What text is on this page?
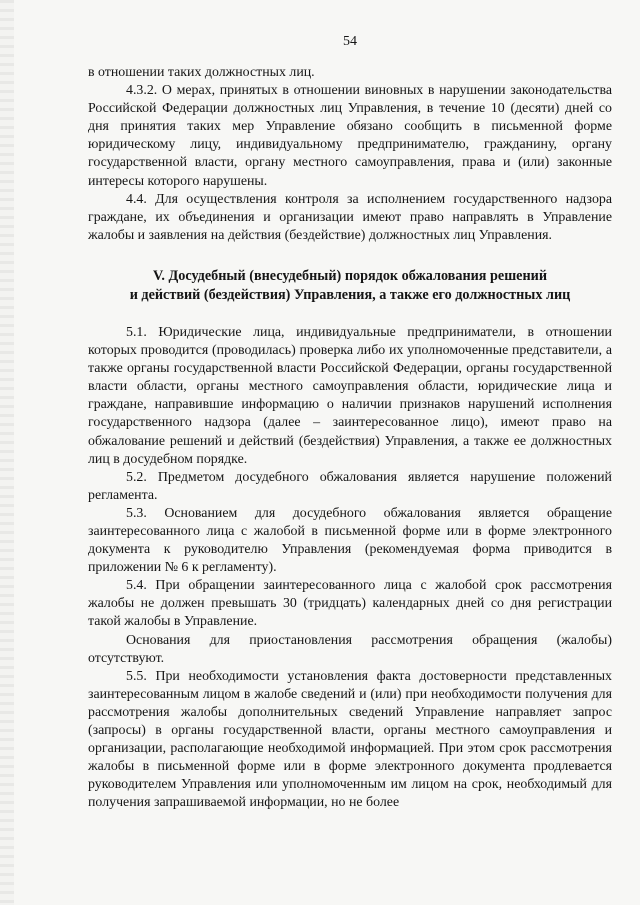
54

в отношении таких должностных лиц.

4.3.2. О мерах, принятых в отношении виновных в нарушении законодательства Российской Федерации должностных лиц Управления, в течение 10 (десяти) дней со дня принятия таких мер Управление обязано сообщить в письменной форме юридическому лицу, индивидуальному предпринимателю, гражданину, органу государственной власти, органу местного самоуправления, права и (или) законные интересы которого нарушены.

4.4. Для осуществления контроля за исполнением государственного надзора граждане, их объединения и организации имеют право направлять в Управление жалобы и заявления на действия (бездействие) должностных лиц Управления.

V. Досудебный (внесудебный) порядок обжалования решений
и действий (бездействия) Управления, а также его должностных лиц

5.1. Юридические лица, индивидуальные предприниматели, в отношении которых проводится (проводилась) проверка либо их уполномоченные представители, а также органы государственной власти Российской Федерации, органы государственной власти области, органы местного самоуправления области, юридические лица и граждане, направившие информацию о наличии признаков нарушений исполнения государственного надзора (далее – заинтересованное лицо), имеют право на обжалование решений и действий (бездействия) Управления, а также ее должностных лиц в досудебном порядке.

5.2. Предметом досудебного обжалования является нарушение положений регламента.

5.3. Основанием для досудебного обжалования является обращение заинтересованного лица с жалобой в письменной форме или в форме электронного документа к руководителю Управления (рекомендуемая форма приводится в приложении № 6 к регламенту).

5.4. При обращении заинтересованного лица с жалобой срок рассмотрения жалобы не должен превышать 30 (тридцать) календарных дней со дня регистрации такой жалобы в Управление.

Основания для приостановления рассмотрения обращения (жалобы) отсутствуют.

5.5. При необходимости установления факта достоверности представленных заинтересованным лицом в жалобе сведений и (или) при необходимости получения для рассмотрения жалобы дополнительных сведений Управление направляет запрос (запросы) в органы государственной власти, органы местного самоуправления и организации, располагающие необходимой информацией. При этом срок рассмотрения жалобы в письменной форме или в форме электронного документа продлевается руководителем Управления или уполномоченным им лицом на срок, необходимый для получения запрашиваемой информации, но не более
